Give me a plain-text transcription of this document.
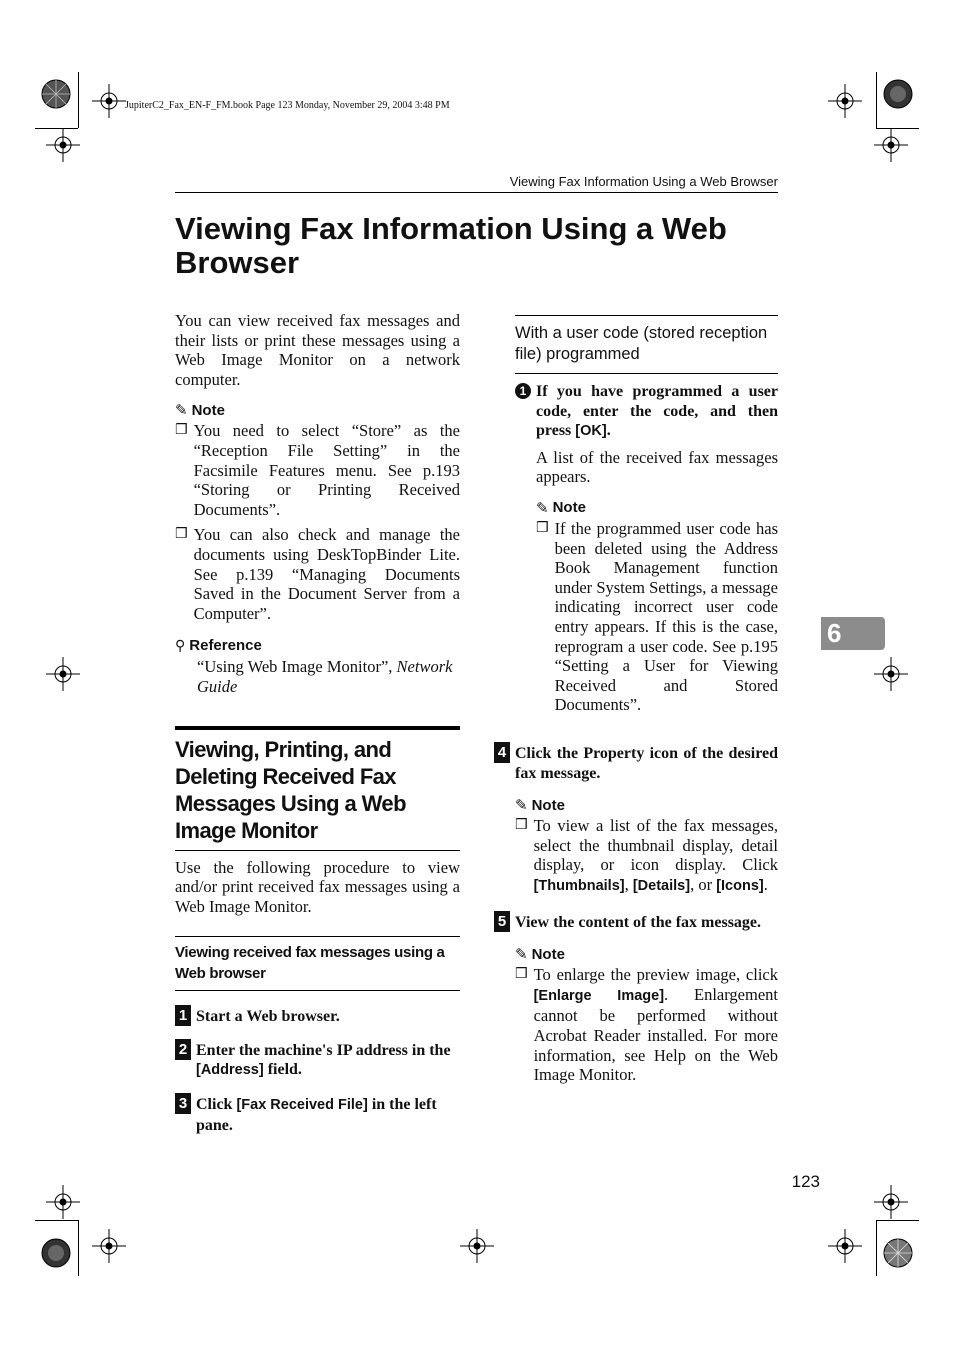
JupiterC2_Fax_EN-F_FM.book Page 123 Monday, November 29, 2004 3:48 PM
Viewing Fax Information Using a Web Browser
Viewing Fax Information Using a Web
Browser
You can view received fax messages and their lists or print these messages using a Web Image Monitor on a network computer.
✎ Note
❒ You need to select “Store” as the “Reception File Setting” in the Facsimile Features menu. See p.193 “Storing or Printing Received Documents”.
❒ You can also check and manage the documents using DeskTopBinder Lite. See p.139 “Managing Documents Saved in the Document Server from a Computer”.
⚲ Reference
“Using Web Image Monitor”, Network Guide
Viewing, Printing, and Deleting Received Fax Messages Using a Web Image Monitor
Use the following procedure to view and/or print received fax messages using a Web Image Monitor.
Viewing received fax messages using a Web browser
1 Start a Web browser.
2 Enter the machine's IP address in the [Address] field.
3 Click [Fax Received File] in the left pane.
With a user code (stored reception file) programmed
1 If you have programmed a user code, enter the code, and then press [OK].
A list of the received fax messages appears.
✎ Note
❒ If the programmed user code has been deleted using the Address Book Management function under System Settings, a message indicating incorrect user code entry appears. If this is the case, reprogram a user code. See p.195 “Setting a User for Viewing Received and Stored Documents”.
4 Click the Property icon of the desired fax message.
✎ Note
❒ To view a list of the fax messages, select the thumbnail display, detail display, or icon display. Click [Thumbnails], [Details], or [Icons].
5 View the content of the fax message.
✎ Note
❒ To enlarge the preview image, click [Enlarge Image]. Enlargement cannot be performed without Acrobat Reader installed. For more information, see Help on the Web Image Monitor.
6
123
